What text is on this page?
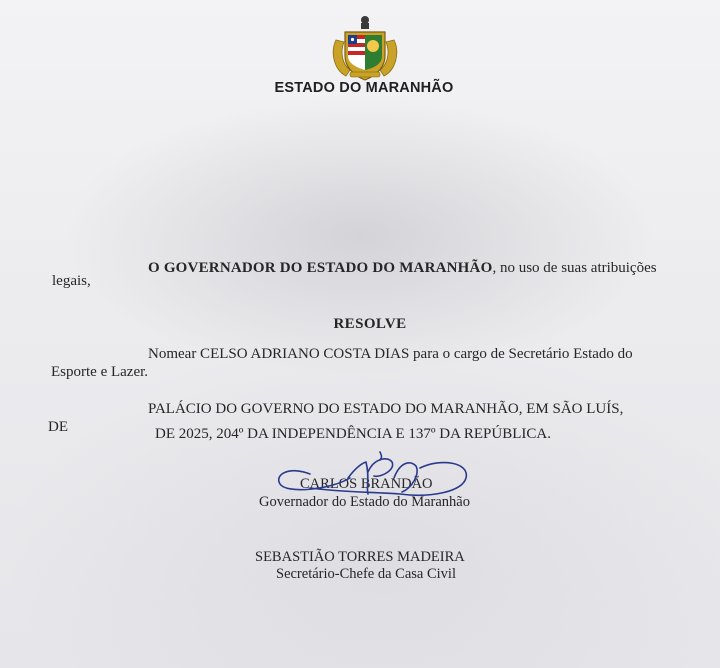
ESTADO DO MARANHÃO
O GOVERNADOR DO ESTADO DO MARANHÃO, no uso de suas atribuições
legais,
RESOLVE
Nomear CELSO ADRIANO COSTA DIAS para o cargo de Secretário Estado do
Esporte e Lazer.
PALÁCIO DO GOVERNO DO ESTADO DO MARANHÃO, EM SÃO LUÍS,
DE	DE 2025, 204º DA INDEPENDÊNCIA E 137º DA REPÚBLICA.
CARLOS BRANDÃO
Governador do Estado do Maranhão
SEBASTIÃO TORRES MADEIRA
Secretário-Chefe da Casa Civil
